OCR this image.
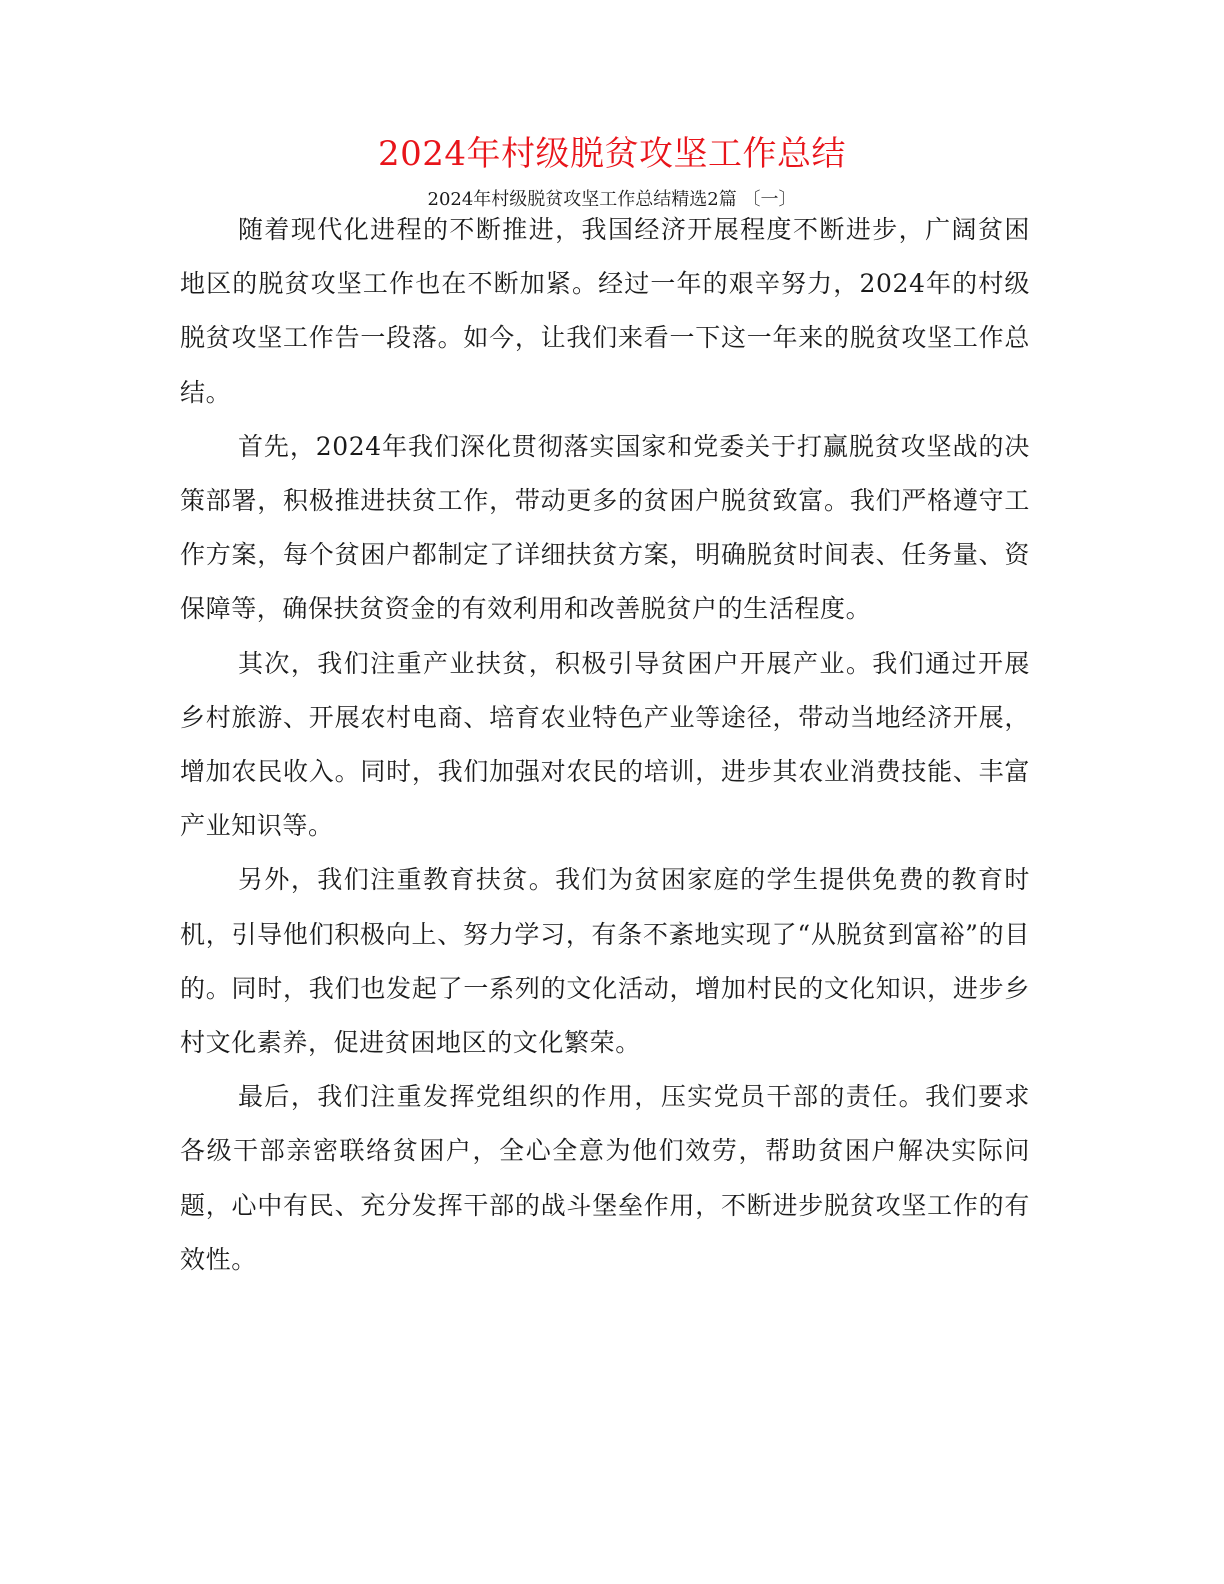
2024年村级脱贫攻坚工作总结

2024年村级脱贫攻坚工作总结精选2篇 〔一〕

随着现代化进程的不断推进，我国经济开展程度不断进步，广阔贫困地区的脱贫攻坚工作也在不断加紧。经过一年的艰辛努力，2024年的村级脱贫攻坚工作告一段落。如今，让我们来看一下这一年来的脱贫攻坚工作总结。

首先，2024年我们深化贯彻落实国家和党委关于打赢脱贫攻坚战的决策部署，积极推进扶贫工作，带动更多的贫困户脱贫致富。我们严格遵守工作方案，每个贫困户都制定了详细扶贫方案，明确脱贫时间表、任务量、资保障等，确保扶贫资金的有效利用和改善脱贫户的生活程度。

其次，我们注重产业扶贫，积极引导贫困户开展产业。我们通过开展乡村旅游、开展农村电商、培育农业特色产业等途径，带动当地经济开展，增加农民收入。同时，我们加强对农民的培训，进步其农业消费技能、丰富产业知识等。

另外，我们注重教育扶贫。我们为贫困家庭的学生提供免费的教育时机，引导他们积极向上、努力学习，有条不紊地实现了“从脱贫到富裕”的目的。同时，我们也发起了一系列的文化活动，增加村民的文化知识，进步乡村文化素养，促进贫困地区的文化繁荣。

最后，我们注重发挥党组织的作用，压实党员干部的责任。我们要求各级干部亲密联络贫困户，全心全意为他们效劳，帮助贫困户解决实际问题，心中有民、充分发挥干部的战斗堡垒作用，不断进步脱贫攻坚工作的有效性。
